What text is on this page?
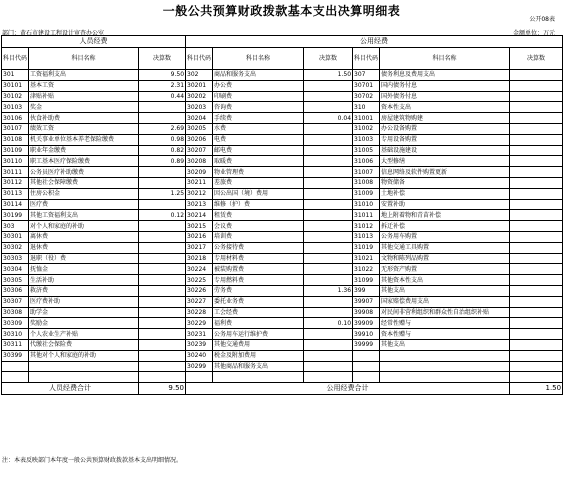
一般公共预算财政拨款基本支出决算明细表
公开08表
部门：黄石市建设工程设计审查办公室	金额单位：万元
人员经费			公用经费					
科目代码	科目名称	决算数	科目代码	科目名称	决算数	科目代码	科目名称	决算数
301	工资福利支出	9.50	302	商品和服务支出	1.50	307	债务利息及费用支出	
30101	基本工资	2.31	30201	办公费		30701	国内债务付息	
30102	津贴补贴	0.44	30202	印刷费		30702	国外债务付息	
30103	奖金		30203	咨询费		310	资本性支出	
30106	伙食补助费		30204	手续费	0.04	31001	房屋建筑物购建	
30107	绩效工资	2.69	30205	水费		31002	办公设备购置	
30108	机关事业单位基本养老保险缴费	0.98	30206	电费		31003	专用设备购置	
30109	职业年金缴费	0.82	30207	邮电费		31005	基础设施建设	
30110	职工基本医疗保险缴费	0.89	30208	取暖费		31006	大型修缮	
30111	公务员医疗补助缴费		30209	物业管理费		31007	信息网络及软件购置更新	
30112	其他社会保障缴费		30211	差旅费		31008	物资储备	
30113	住房公积金	1.25	30212	因公出国（境）费用		31009	土地补偿	
30114	医疗费		30213	维修（护）费		31010	安置补助	
30199	其他工资福利支出	0.12	30214	租赁费		31011	地上附着物和青苗补偿	
303	对个人和家庭的补助		30215	会议费		31012	拆迁补偿	
30301	离休费		30216	培训费		31013	公务用车购置	
30302	退休费		30217	公务接待费		31019	其他交通工具购置	
30303	退职（役）费		30218	专用材料费		31021	文物和陈列品购置	
30304	抚恤金		30224	被装购置费		31022	无形资产购置	
30305	生活补助		30225	专用燃料费		31099	其他资本性支出	
30306	救济费		30226	劳务费	1.36	399	其他支出	
30307	医疗费补助		30227	委托业务费		39907	国家赔偿费用支出	
30308	助学金		30228	工会经费		39908	对民间非营利组织和群众性自治组织补贴	
30309	奖励金		30229	福利费	0.10	39909	经常性赠与	
30310	个人农业生产补贴		30231	公务用车运行维护费		39910	资本性赠与	
30311	代缴社会保险费		30239	其他交通费用		39999	其他支出	
30399	其他对个人和家庭的补助		30240	税金及附加费用				
			30299	其他商品和服务支出				

人员经费合计		9.50	公用经费合计					1.50
注：本表反映部门本年度一般公共预算财政拨款基本支出明细情况。
